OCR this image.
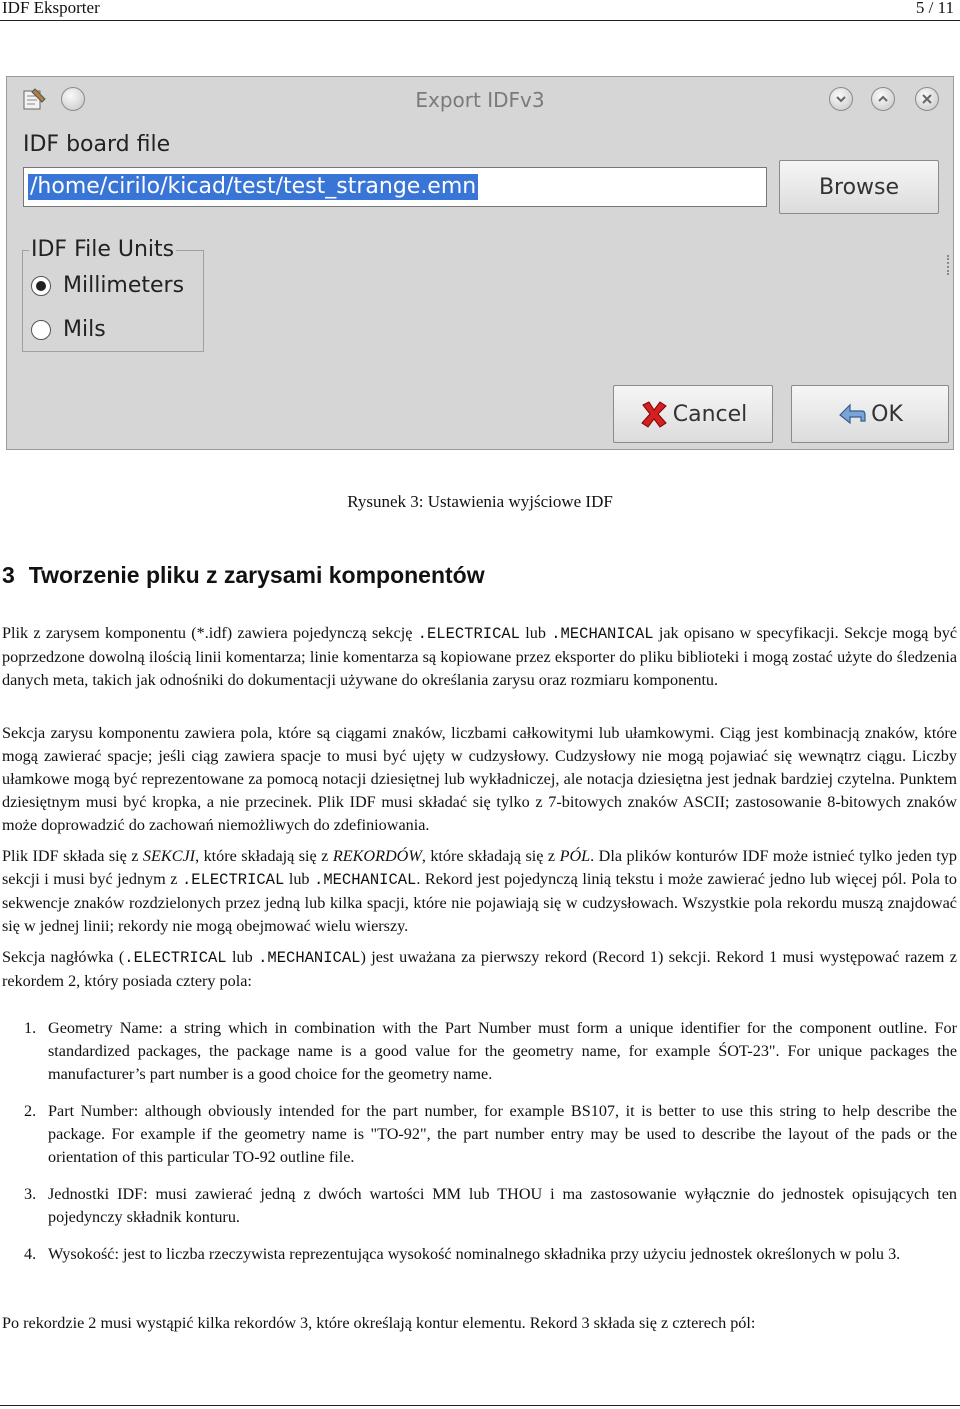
IDF Eksporter	5 / 11
Export IDFv3
IDF board file
/home/cirilo/kicad/test/test_strange.emn	Browse
IDF File Units
Millimeters
Mils
Cancel	OK
Rysunek 3: Ustawienia wyjściowe IDF
3 Tworzenie pliku z zarysami komponentów

Plik z zarysem komponentu (*.idf) zawiera pojedynczą sekcję .ELECTRICAL lub .MECHANICAL jak opisano w specyfikacji. Sekcje mogą być poprzedzone dowolną ilością linii komentarza; linie komentarza są kopiowane przez eksporter do pliku biblioteki i mogą zostać użyte do śledzenia danych meta, takich jak odnośniki do dokumentacji używane do określania zarysu oraz rozmiaru komponentu.

Sekcja zarysu komponentu zawiera pola, które są ciągami znaków, liczbami całkowitymi lub ułamkowymi. Ciąg jest kombinacją znaków, które mogą zawierać spacje; jeśli ciąg zawiera spacje to musi być ujęty w cudzysłowy. Cudzysłowy nie mogą pojawiać się wewnątrz ciągu. Liczby ułamkowe mogą być reprezentowane za pomocą notacji dziesiętnej lub wykładniczej, ale notacja dziesiętna jest jednak bardziej czytelna. Punktem dziesiętnym musi być kropka, a nie przecinek. Plik IDF musi składać się tylko z 7-bitowych znaków ASCII; zastosowanie 8-bitowych znaków może doprowadzić do zachowań niemożliwych do zdefiniowania.

Plik IDF składa się z SEKCJI, które składają się z REKORDÓW, które składają się z PÓL. Dla plików konturów IDF może istnieć tylko jeden typ sekcji i musi być jednym z .ELECTRICAL lub .MECHANICAL. Rekord jest pojedynczą linią tekstu i może zawierać jedno lub więcej pól. Pola to sekwencje znaków rozdzielonych przez jedną lub kilka spacji, które nie pojawiają się w cudzysłowach. Wszystkie pola rekordu muszą znajdować się w jednej linii; rekordy nie mogą obejmować wielu wierszy.

Sekcja nagłówka (.ELECTRICAL lub .MECHANICAL) jest uważana za pierwszy rekord (Record 1) sekcji. Rekord 1 musi występować razem z rekordem 2, który posiada cztery pola:

1. Geometry Name: a string which in combination with the Part Number must form a unique identifier for the component outline. For standardized packages, the package name is a good value for the geometry name, for example ŚOT-23". For unique packages the manufacturer’s part number is a good choice for the geometry name.
2. Part Number: although obviously intended for the part number, for example BS107, it is better to use this string to help describe the package. For example if the geometry name is "TO-92", the part number entry may be used to describe the layout of the pads or the orientation of this particular TO-92 outline file.
3. Jednostki IDF: musi zawierać jedną z dwóch wartości MM lub THOU i ma zastosowanie wyłącznie do jednostek opisujących ten pojedynczy składnik konturu.
4. Wysokość: jest to liczba rzeczywista reprezentująca wysokość nominalnego składnika przy użyciu jednostek określonych w polu 3.

Po rekordzie 2 musi wystąpić kilka rekordów 3, które określają kontur elementu. Rekord 3 składa się z czterech pól:
